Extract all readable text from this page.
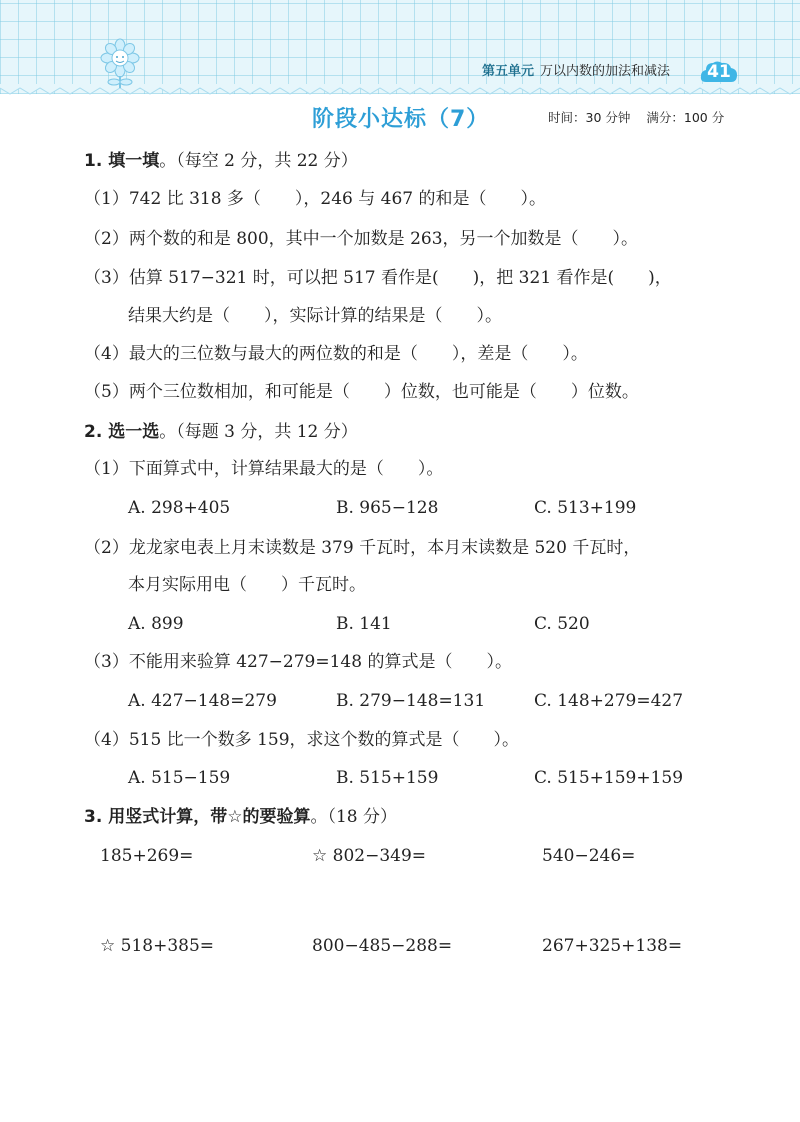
第五单元 万以内数的加法和减法	41
阶段小达标（7）	时间：30 分钟 满分：100 分
1. 填一填。（每空 2 分，共 22 分）
（1）742 比 318 多（　　），246 与 467 的和是（　　）。
（2）两个数的和是 800，其中一个加数是 263，另一个加数是（　　）。
（3）估算 517−321 时，可以把 517 看作是(　　)，把 321 看作是(　　)，
结果大约是（　　），实际计算的结果是（　　）。
（4）最大的三位数与最大的两位数的和是（　　），差是（　　）。
（5）两个三位数相加，和可能是（　　）位数，也可能是（　　）位数。
2. 选一选。（每题 3 分，共 12 分）
（1）下面算式中，计算结果最大的是（　　）。
A. 298+405	B. 965−128	C. 513+199
（2）龙龙家电表上月末读数是 379 千瓦时，本月末读数是 520 千瓦时，
本月实际用电（　　）千瓦时。
A. 899	B. 141	C. 520
（3）不能用来验算 427−279=148 的算式是（　　）。
A. 427−148=279	B. 279−148=131	C. 148+279=427
（4）515 比一个数多 159，求这个数的算式是（　　）。
A. 515−159	B. 515+159	C. 515+159+159
3. 用竖式计算，带☆的要验算。（18 分）
185+269=	☆ 802−349=	540−246=
☆ 518+385=	800−485−288=	267+325+138=
